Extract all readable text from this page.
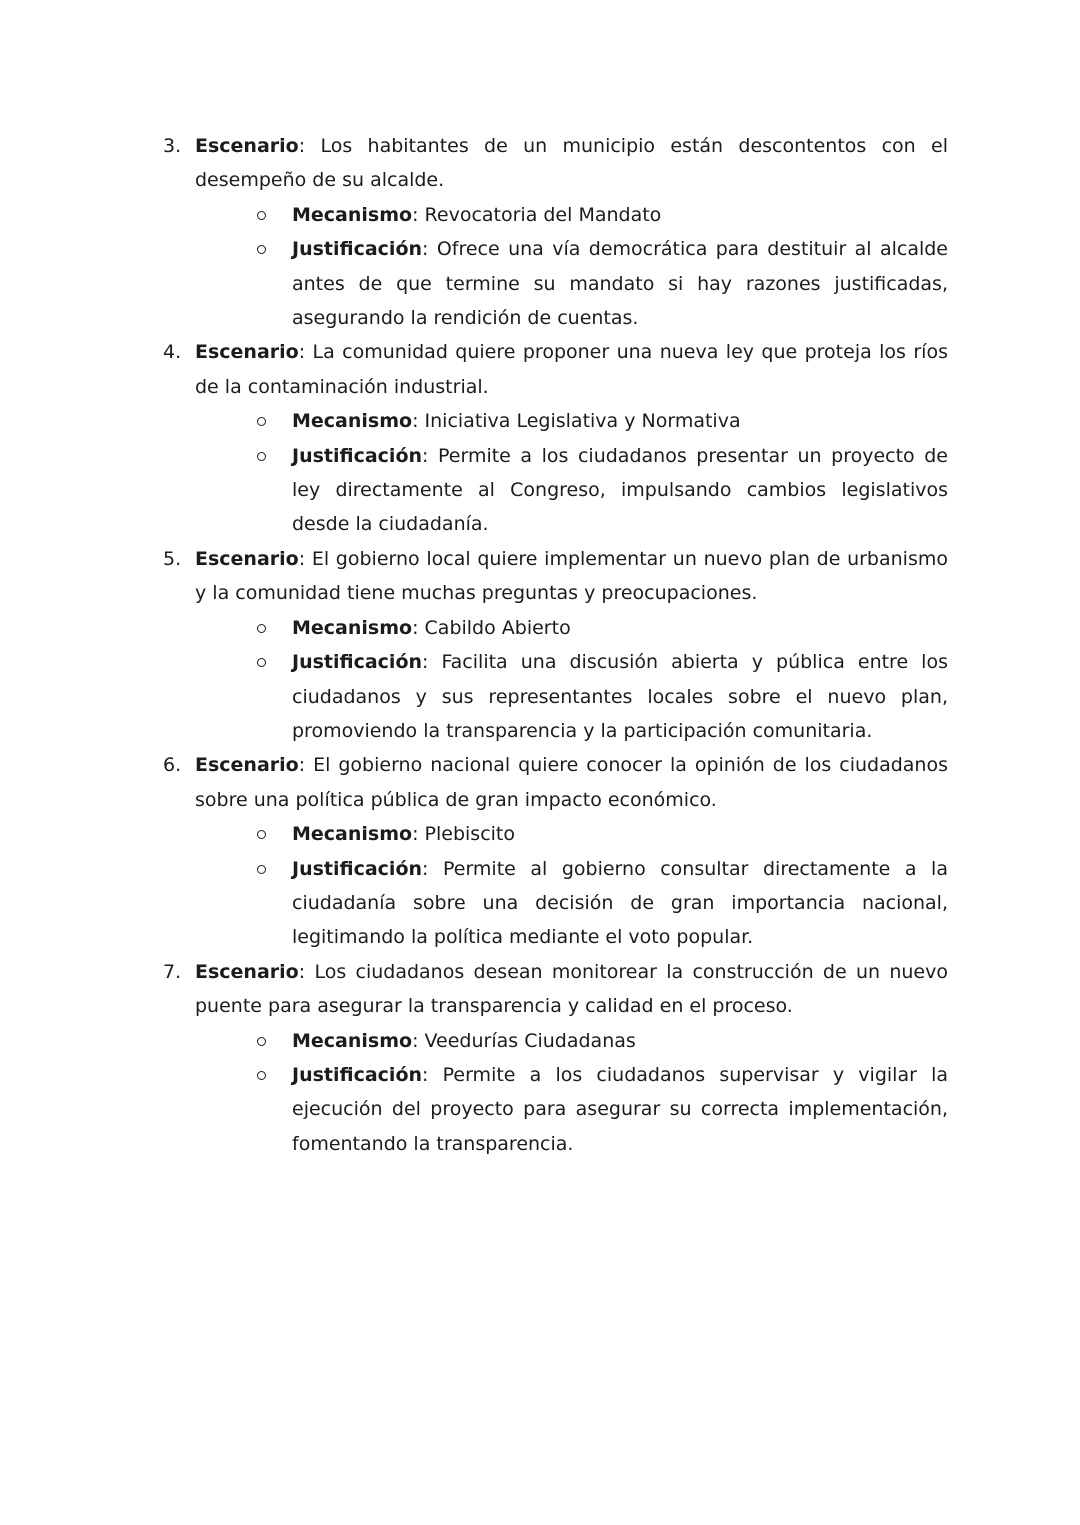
3. Escenario: Los habitantes de un municipio están descontentos con el desempeño de su alcalde.

Mecanismo: Revocatoria del Mandato
Justificación: Ofrece una vía democrática para destituir al alcalde antes de que termine su mandato si hay razones justificadas, asegurando la rendición de cuentas.
4. Escenario: La comunidad quiere proponer una nueva ley que proteja los ríos de la contaminación industrial.

Mecanismo: Iniciativa Legislativa y Normativa
Justificación: Permite a los ciudadanos presentar un proyecto de ley directamente al Congreso, impulsando cambios legislativos desde la ciudadanía.
5. Escenario: El gobierno local quiere implementar un nuevo plan de urbanismo y la comunidad tiene muchas preguntas y preocupaciones.

Mecanismo: Cabildo Abierto
Justificación: Facilita una discusión abierta y pública entre los ciudadanos y sus representantes locales sobre el nuevo plan, promoviendo la transparencia y la participación comunitaria.
6. Escenario: El gobierno nacional quiere conocer la opinión de los ciudadanos sobre una política pública de gran impacto económico.

Mecanismo: Plebiscito
Justificación: Permite al gobierno consultar directamente a la ciudadanía sobre una decisión de gran importancia nacional, legitimando la política mediante el voto popular.
7. Escenario: Los ciudadanos desean monitorear la construcción de un nuevo puente para asegurar la transparencia y calidad en el proceso.

Mecanismo: Veedurías Ciudadanas
Justificación: Permite a los ciudadanos supervisar y vigilar la ejecución del proyecto para asegurar su correcta implementación, fomentando la transparencia.
